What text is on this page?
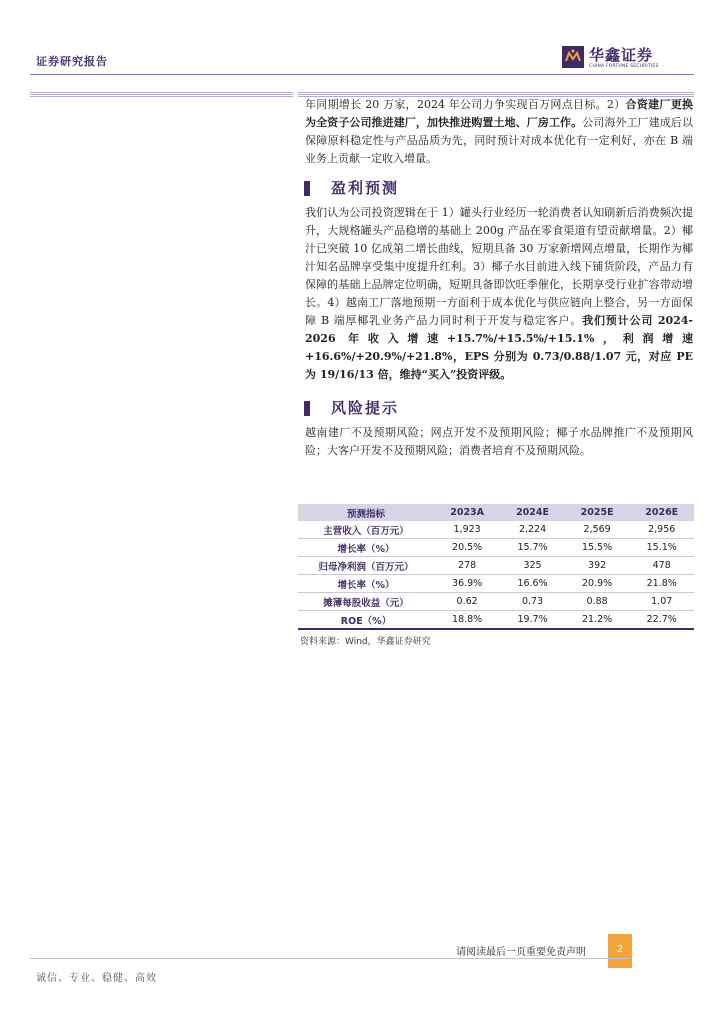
证券研究报告	华鑫证券
CHINA FORTUNE SECURITIES

年同期增长 20 万家，2024 年公司力争实现百万网点目标。2）合资建厂更换为全资子公司推进建厂，加快推进购置土地、厂房工作。公司海外工厂建成后以保障原料稳定性与产品品质为先，同时预计对成本优化有一定利好，亦在 B 端业务上贡献一定收入增量。

盈利预测

我们认为公司投资逻辑在于 1）罐头行业经历一轮消费者认知刷新后消费频次提升，大规格罐头产品稳增的基础上 200g 产品在零食渠道有望贡献增量。2）椰汁已突破 10 亿成第二增长曲线，短期具备 30 万家新增网点增量，长期作为椰汁知名品牌享受集中度提升红利。3）椰子水目前进入线下铺货阶段，产品力有保障的基础上品牌定位明确，短期具备即饮旺季催化，长期享受行业扩容带动增长。4）越南工厂落地预期一方面利于成本优化与供应链向上整合，另一方面保障 B 端厚椰乳业务产品力同时利于开发与稳定客户。我们预计公司 2024-2026 年收入增速+15.7%/+15.5%/+15.1%，利润增速+16.6%/+20.9%/+21.8%，EPS 分别为 0.73/0.88/1.07 元，对应 PE 为 19/16/13 倍，维持“买入”投资评级。

风险提示

越南建厂不及预期风险；网点开发不及预期风险；椰子水品牌推广不及预期风险；大客户开发不及预期风险；消费者培育不及预期风险。

预测指标	2023A	2024E	2025E	2026E
主营收入（百万元）	1,923	2,224	2,569	2,956
增长率（%）	20.5%	15.7%	15.5%	15.1%
归母净利润（百万元）	278	325	392	478
增长率（%）	36.9%	16.6%	20.9%	21.8%
摊薄每股收益（元）	0.62	0.73	0.88	1.07
ROE（%）	18.8%	19.7%	21.2%	22.7%
资料来源：Wind，华鑫证券研究
请阅读最后一页重要免责声明	2
诚信、专业、稳健、高效
